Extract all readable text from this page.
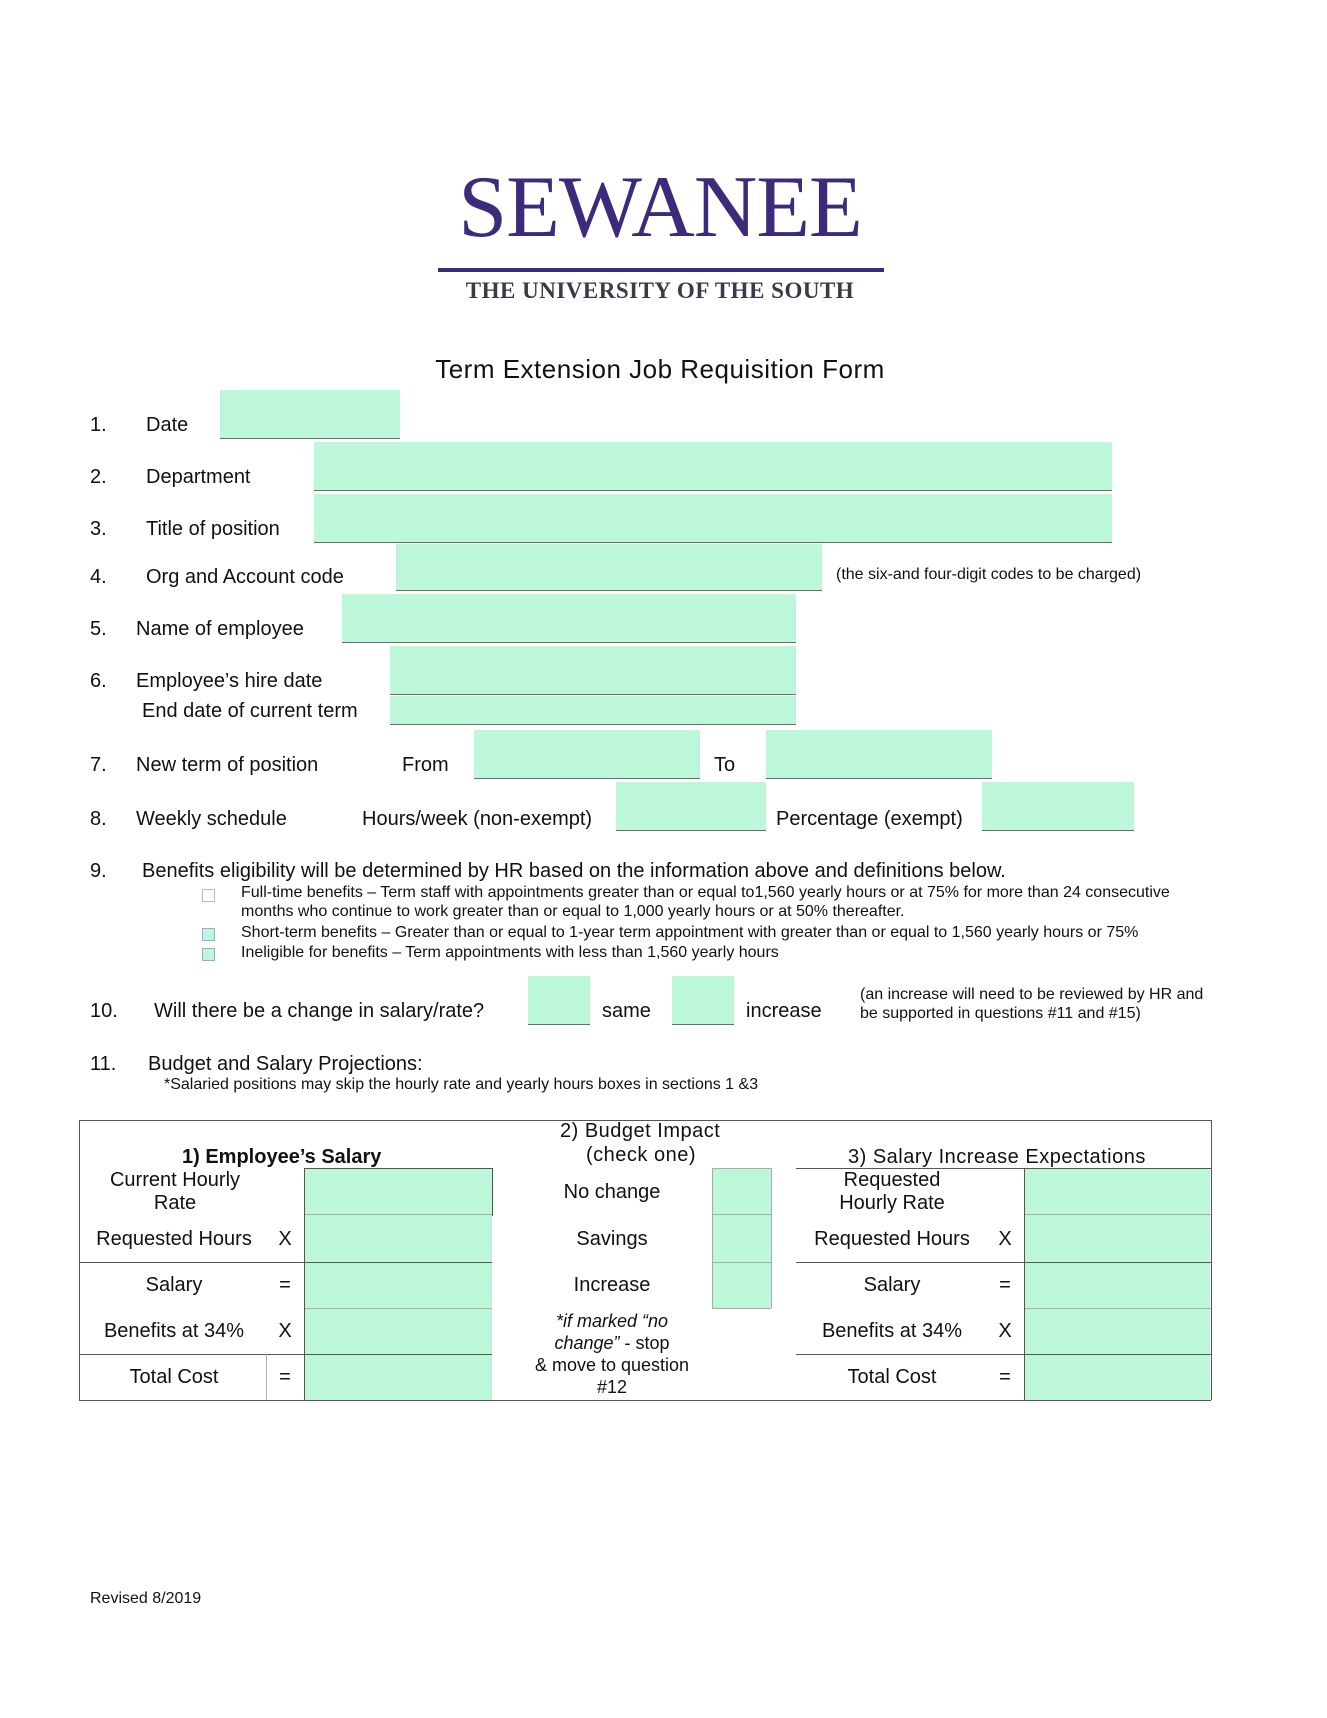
SEWANEE
THE UNIVERSITY OF THE SOUTH
Term Extension Job Requisition Form
1. Date
2. Department
3. Title of position
4. Org and Account code	(the six-and four-digit codes to be charged)
5. Name of employee
6. Employee’s hire date
End date of current term
7. New term of position	From	To
8. Weekly schedule	Hours/week (non-exempt)	Percentage (exempt)
9. Benefits eligibility will be determined by HR based on the information above and definitions below.
Full-time benefits – Term staff with appointments greater than or equal to1,560 yearly hours or at 75% for more than 24 consecutive
months who continue to work greater than or equal to 1,000 yearly hours or at 50% thereafter.
Short-term benefits – Greater than or equal to 1-year term appointment with greater than or equal to 1,560 yearly hours or 75%
Ineligible for benefits – Term appointments with less than 1,560 yearly hours
10. Will there be a change in salary/rate?	same	increase
(an increase will need to be reviewed by HR and
be supported in questions #11 and #15)
11. Budget and Salary Projections:
*Salaried positions may skip the hourly rate and yearly hours boxes in sections 1 &3
1) Employee’s Salary
Current Hourly
Rate
Requested Hours	X
Salary	=
Benefits at 34%	X
Total Cost	=
2) Budget Impact
(check one)
No change
Savings
Increase
*if marked “no
change” - stop
& move to question
#12
3) Salary Increase Expectations
Requested
Hourly Rate
Requested Hours	X
Salary	=
Benefits at 34%	X
Total Cost	=
Revised 8/2019
